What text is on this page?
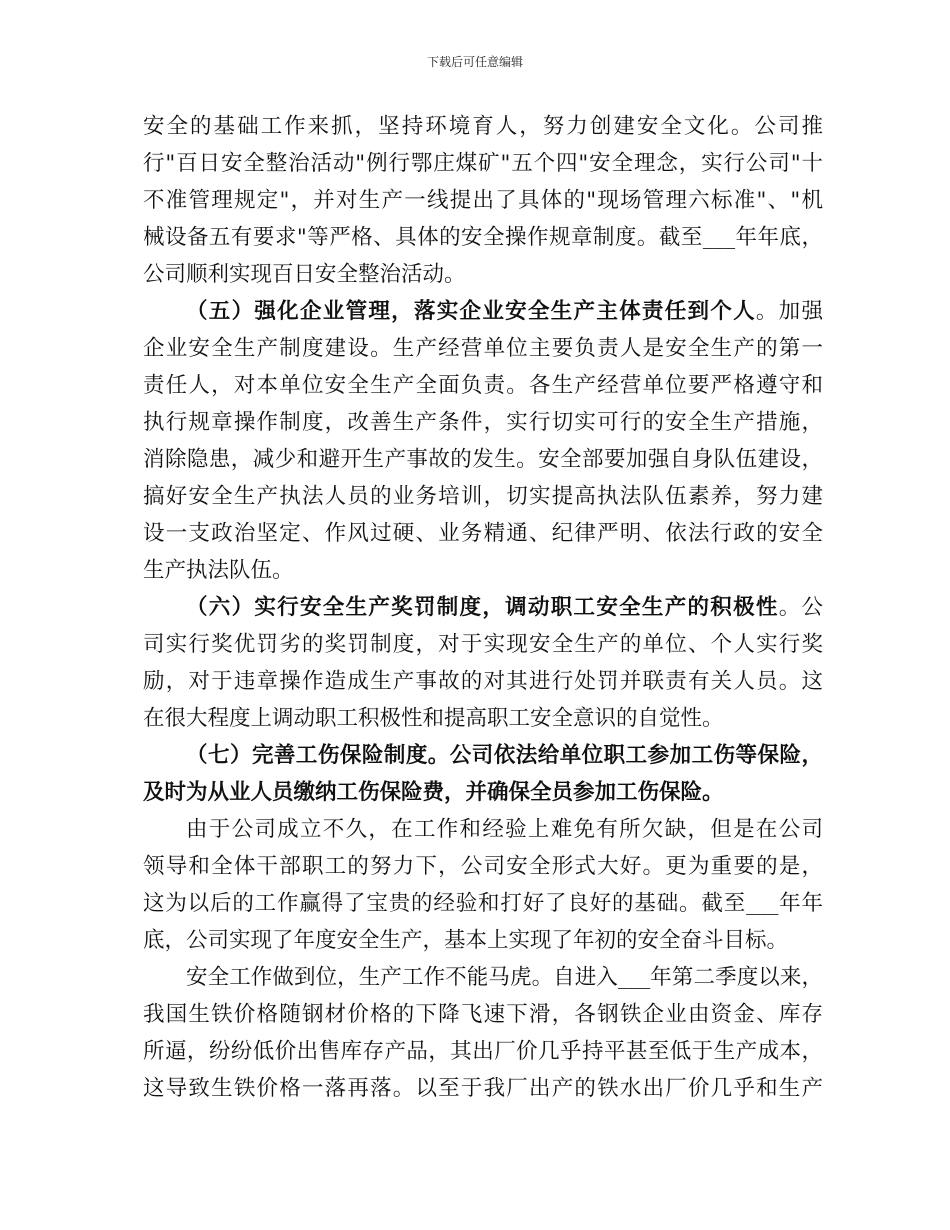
下载后可任意编辑
安全的基础工作来抓，坚持环境育人，努力创建安全文化。公司推
行"百日安全整治活动"例行鄂庄煤矿"五个四"安全理念，实行公司"十
不准管理规定"，并对生产一线提出了具体的"现场管理六标准"、"机
械设备五有要求"等严格、具体的安全操作规章制度。截至___年年底，
公司顺利实现百日安全整治活动。
（五）强化企业管理，落实企业安全生产主体责任到个人。加强
企业安全生产制度建设。生产经营单位主要负责人是安全生产的第一
责任人，对本单位安全生产全面负责。各生产经营单位要严格遵守和
执行规章操作制度，改善生产条件，实行切实可行的安全生产措施，
消除隐患，减少和避开生产事故的发生。安全部要加强自身队伍建设，
搞好安全生产执法人员的业务培训，切实提高执法队伍素养，努力建
设一支政治坚定、作风过硬、业务精通、纪律严明、依法行政的安全
生产执法队伍。
（六）实行安全生产奖罚制度，调动职工安全生产的积极性。公
司实行奖优罚劣的奖罚制度，对于实现安全生产的单位、个人实行奖
励，对于违章操作造成生产事故的对其进行处罚并联责有关人员。这
在很大程度上调动职工积极性和提高职工安全意识的自觉性。
（七）完善工伤保险制度。公司依法给单位职工参加工伤等保险，
及时为从业人员缴纳工伤保险费，并确保全员参加工伤保险。
由于公司成立不久，在工作和经验上难免有所欠缺，但是在公司
领导和全体干部职工的努力下，公司安全形式大好。更为重要的是，
这为以后的工作赢得了宝贵的经验和打好了良好的基础。截至___年年
底，公司实现了年度安全生产，基本上实现了年初的安全奋斗目标。
安全工作做到位，生产工作不能马虎。自进入___年第二季度以来，
我国生铁价格随钢材价格的下降飞速下滑，各钢铁企业由资金、库存
所逼，纷纷低价出售库存产品，其出厂价几乎持平甚至低于生产成本，
这导致生铁价格一落再落。以至于我厂出产的铁水出厂价几乎和生产
